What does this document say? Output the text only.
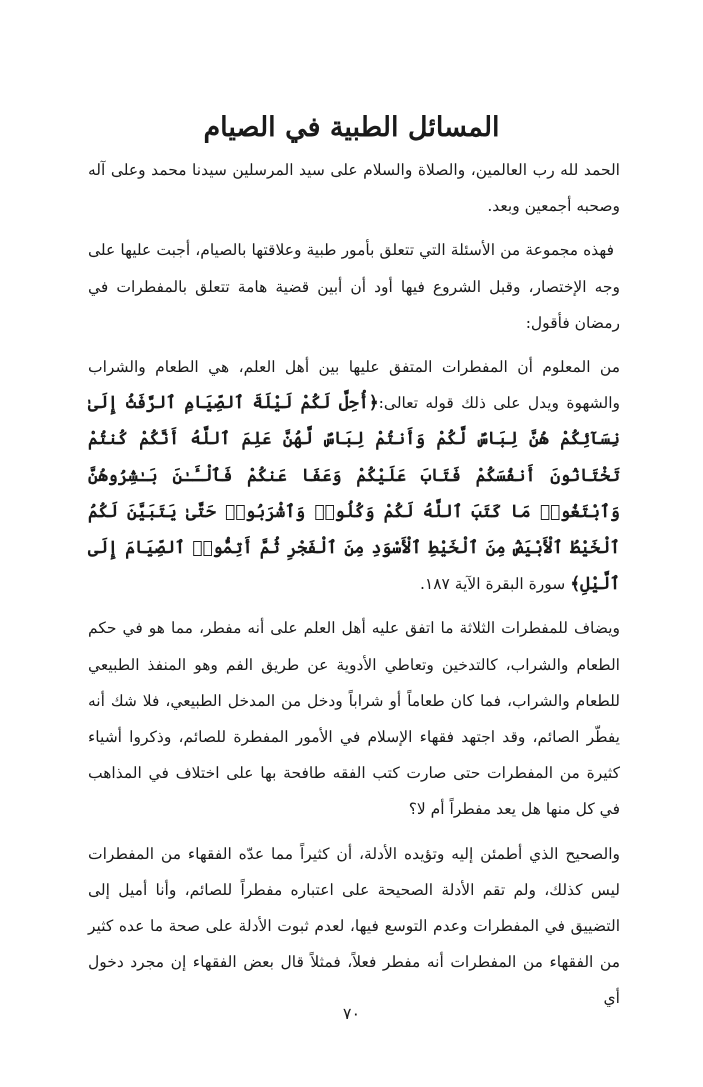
المسائل الطبية في الصيام

الحمد لله رب العالمين، والصلاة والسلام على سيد المرسلين سيدنا محمد وعلى آله وصحبه أجمعين وبعد.

فهذه مجموعة من الأسئلة التي تتعلق بأمور طبية وعلاقتها بالصيام، أجبت عليها على وجه الإختصار، وقبل الشروع فيها أود أن أبين قضية هامة تتعلق بالمفطرات في رمضان فأقول:

من المعلوم أن المفطرات المتفق عليها بين أهل العلم، هي الطعام والشراب والشهوة ويدل على ذلك قوله تعالى:﴿أُحِلَّ لَكُمْ لَيْلَةَ ٱلصِّيَامِ ٱلرَّفَثُ إِلَىٰ نِسَآئِكُمْ هُنَّ لِبَاسٌ لَّكُمْ وَأَنتُمْ لِبَاسٌ لَّهُنَّ عَلِمَ ٱللَّهُ أَنَّكُمْ كُنتُمْ تَخْتَانُونَ أَنفُسَكُمْ فَتَابَ عَلَيْكُمْ وَعَفَا عَنكُمْ فَٱلْـَٔـٰنَ بَـٰشِرُوهُنَّ وَٱبْتَغُوا۟ مَا كَتَبَ ٱللَّهُ لَكُمْ وَكُلُوا۟ وَٱشْرَبُوا۟ حَتَّىٰ يَتَبَيَّنَ لَكُمُ ٱلْخَيْطُ ٱلْأَبْيَضُ مِنَ ٱلْخَيْطِ ٱلْأَسْوَدِ مِنَ ٱلْفَجْرِ ثُمَّ أَتِمُّوا۟ ٱلصِّيَامَ إِلَى ٱلَّيْلِ﴾ سورة البقرة الآية ١٨٧.

ويضاف للمفطرات الثلاثة ما اتفق عليه أهل العلم على أنه مفطر، مما هو في حكم الطعام والشراب، كالتدخين وتعاطي الأدوية عن طريق الفم وهو المنفذ الطبيعي للطعام والشراب، فما كان طعاماً أو شراباً ودخل من المدخل الطبيعي، فلا شك أنه يفطّر الصائم، وقد اجتهد فقهاء الإسلام في الأمور المفطرة للصائم، وذكروا أشياء كثيرة من المفطرات حتى صارت كتب الفقه طافحة بها على اختلاف في المذاهب في كل منها هل يعد مفطراً أم لا؟

والصحيح الذي أطمئن إليه وتؤيده الأدلة، أن كثيراً مما عدّه الفقهاء من المفطرات ليس كذلك، ولم تقم الأدلة الصحيحة على اعتباره مفطراً للصائم، وأنا أميل إلى التضييق في المفطرات وعدم التوسع فيها، لعدم ثبوت الأدلة على صحة ما عده كثير من الفقهاء من المفطرات أنه مفطر فعلاً، فمثلاً قال بعض الفقهاء إن مجرد دخول أي

٧٠
